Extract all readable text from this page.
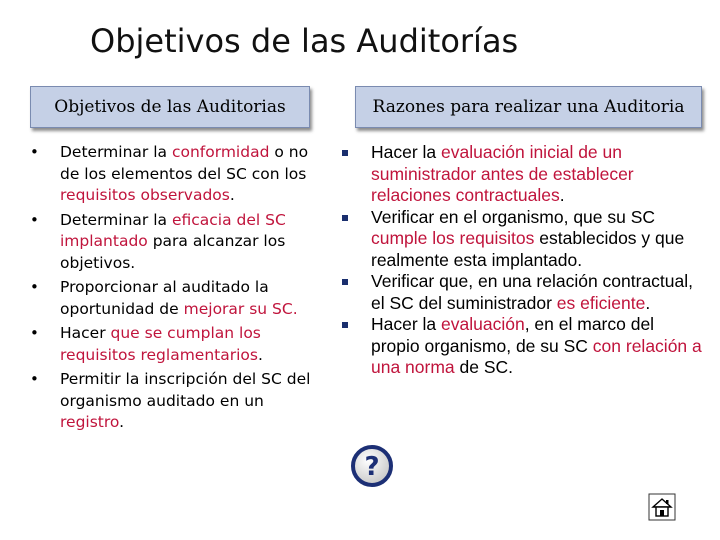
Objetivos de las Auditorías
Objetivos de las Auditorias	Razones para realizar una Auditoria
• Determinar la conformidad o no de los elementos del SC con los requisitos observados.
• Determinar la eficacia del SC implantado para alcanzar los objetivos.
• Proporcionar al auditado la oportunidad de mejorar su SC.
• Hacer que se cumplan los requisitos reglamentarios.
• Permitir la inscripción del SC del organismo auditado en un registro.
Hacer la evaluación inicial de un suministrador antes de establecer relaciones contractuales.
Verificar en el organismo, que su SC cumple los requisitos establecidos y que realmente esta implantado.
Verificar que, en una relación contractual, el SC del suministrador es eficiente.
Hacer la evaluación, en el marco del propio organismo, de su SC con relación a una norma de SC.
?
